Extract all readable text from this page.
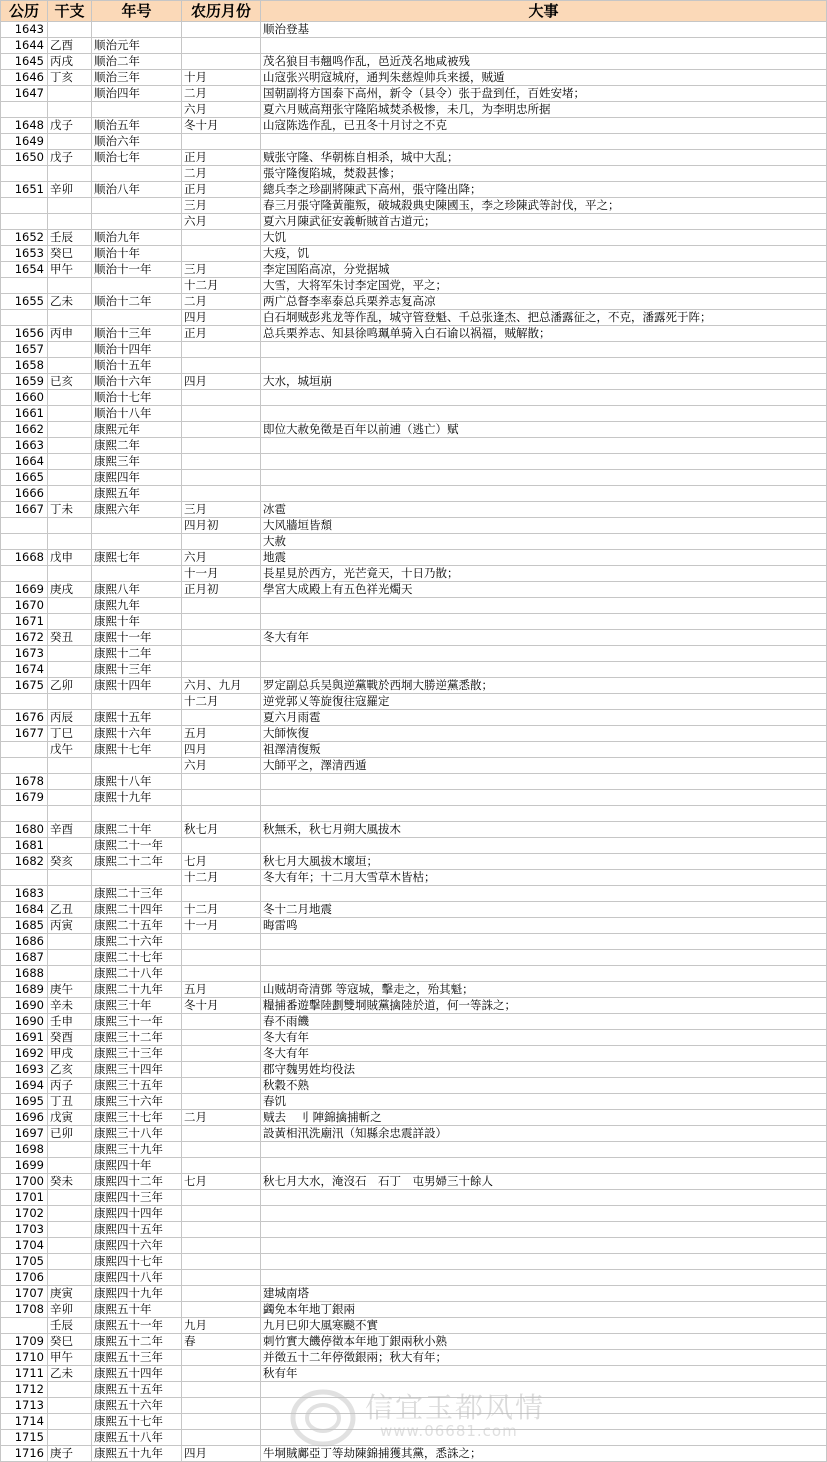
公历	干支	年号	农历月份	大事
1643				顺治登基
1644	乙酉	顺治元年		
1645	丙戌	顺治二年		茂名狼目韦翹鸣作乱，邑近茂名地咸被残
1646	丁亥	顺治三年	十月	山寇张兴明寇城府，通判朱慈煌帅兵来援，贼遁
1647		顺治四年	二月	国朝副将方国泰下高州，新令（县令）张于盘到任，百姓安堵；
			六月	夏六月贼高翔张守隆陷城焚杀极惨，未几，为李明忠所据
1648	戊子	顺治五年	冬十月	山寇陈选作乱，已丑冬十月讨之不克
1649		顺治六年		
1650	戊子	顺治七年	正月	贼张守隆、华朝栋自相杀，城中大乱；
			二月	張守隆復陷城，焚殺甚慘；
1651	辛卯	顺治八年	正月	總兵李之珍副將陳武下高州，張守隆出降；
			三月	春三月張守隆黃龍叛，破城殺典史陳國玉，李之珍陳武等討伐，平之；
			六月	夏六月陳武征安義斬賊首古道元；
1652	壬辰	顺治九年		大饥
1653	癸巳	顺治十年		大疫，饥
1654	甲午	顺治十一年	三月	李定国陷高凉，分党据城
			十二月	大雪，大将军朱讨李定国党，平之；
1655	乙未	顺治十二年	二月	两广总督李率泰总兵栗养志复高凉
			四月	白石垌贼彭兆龙等作乱，城守管登魁、千总张逢杰、把总潘露征之，不克，潘露死于阵；
1656	丙申	顺治十三年	正月	总兵栗养志、知县徐鸣珮单骑入白石谕以祸福，贼解散；
1657		顺治十四年		
1658		顺治十五年		
1659	已亥	顺治十六年	四月	大水，城垣崩
1660		顺治十七年		
1661		顺治十八年		
1662		康熙元年		即位大赦免徵是百年以前逋（逃亡）赋
1663		康熙二年		
1664		康熙三年		
1665		康熙四年		
1666		康熙五年		
1667	丁未	康熙六年	三月	冰雹
			四月初	大风牆垣皆頹
				大赦
1668	戊申	康熙七年	六月	地震
			十一月	長星見於西方，光芒竟天，十日乃散；
1669	庚戌	康熙八年	正月初	學宮大成殿上有五色祥光燭天
1670		康熙九年		
1671		康熙十年		
1672	癸丑	康熙十一年		冬大有年
1673		康熙十二年		
1674		康熙十三年		
1675	乙卯	康熙十四年	六月、九月	罗定副总兵吴與逆黨戰於西垌大勝逆黨悉散；
			十二月	逆党郭乂等旋復往寇羅定
1676	丙辰	康熙十五年		夏六月雨雹
1677	丁巳	康熙十六年	五月	大師恢復
	戊午	康熙十七年	四月	祖澤清復叛
			六月	大師平之，澤清西遁
1678		康熙十八年		
1679		康熙十九年		

1680	辛酉	康熙二十年	秋七月	秋無禾，秋七月朔大風拔木
1681		康熙二十一年		
1682	癸亥	康熙二十二年	七月	秋七月大風拔木壞垣；
			十二月	冬大有年；十二月大雪草木皆枯；
1683		康熙二十三年		
1684	乙丑	康熙二十四年	十二月	冬十二月地震
1685	丙寅	康熙二十五年	十一月	晦雷鸣
1686		康熙二十六年		
1687		康熙二十七年		
1688		康熙二十八年		
1689	庚午	康熙二十九年	五月	山贼胡奇清鄧 等寇城，擊走之，殆其魁；
1690	辛未	康熙三十年	冬十月	糧捕番遊擊陸劃雙垌賊黨擒陸於道，何一等誅之；
1690	壬申	康熙三十一年		春不雨饑
1691	癸酉	康熙三十二年		冬大有年
1692	甲戌	康熙三十三年		冬大有年
1693	乙亥	康熙三十四年		郡守魏男姓均役法
1694	丙子	康熙三十五年		秋穀不熟
1695	丁丑	康熙三十六年		春饥
1696	戊寅	康熙三十七年	二月	贼去　刂 陣錦擒捕斬之
1697	已卯	康熙三十八年		設黃相汛洗廟汛（知縣余忠震詳設）
1698		康熙三十九年		
1699		康熙四十年		
1700	癸未	康熙四十二年	七月	秋七月大水，淹沒石　石丁　屯男婦三十餘人
1701		康熙四十三年		
1702		康熙四十四年		
1703		康熙四十五年		
1704		康熙四十六年		
1705		康熙四十七年		
1706		康熙四十八年		
1707	庚寅	康熙四十九年		建城南塔
1708	辛卯	康熙五十年		蠲免本年地丁銀兩
	壬辰	康熙五十一年	九月	九月巳卯大風寒颷不實
1709	癸巳	康熙五十二年	春	刺竹實大饑停徵本年地丁銀兩秋小熟
1710	甲午	康熙五十三年		并徵五十二年停徵銀兩；秋大有年；
1711	乙未	康熙五十四年		秋有年
1712		康熙五十五年		
1713		康熙五十六年		
1714		康熙五十七年		
1715		康熙五十八年		
1716	庚子	康熙五十九年	四月	牛垌賊鄺亞丁等劫陳錦捕獲其黨，悉誅之；
信宜玉都风情
www.06681.com
